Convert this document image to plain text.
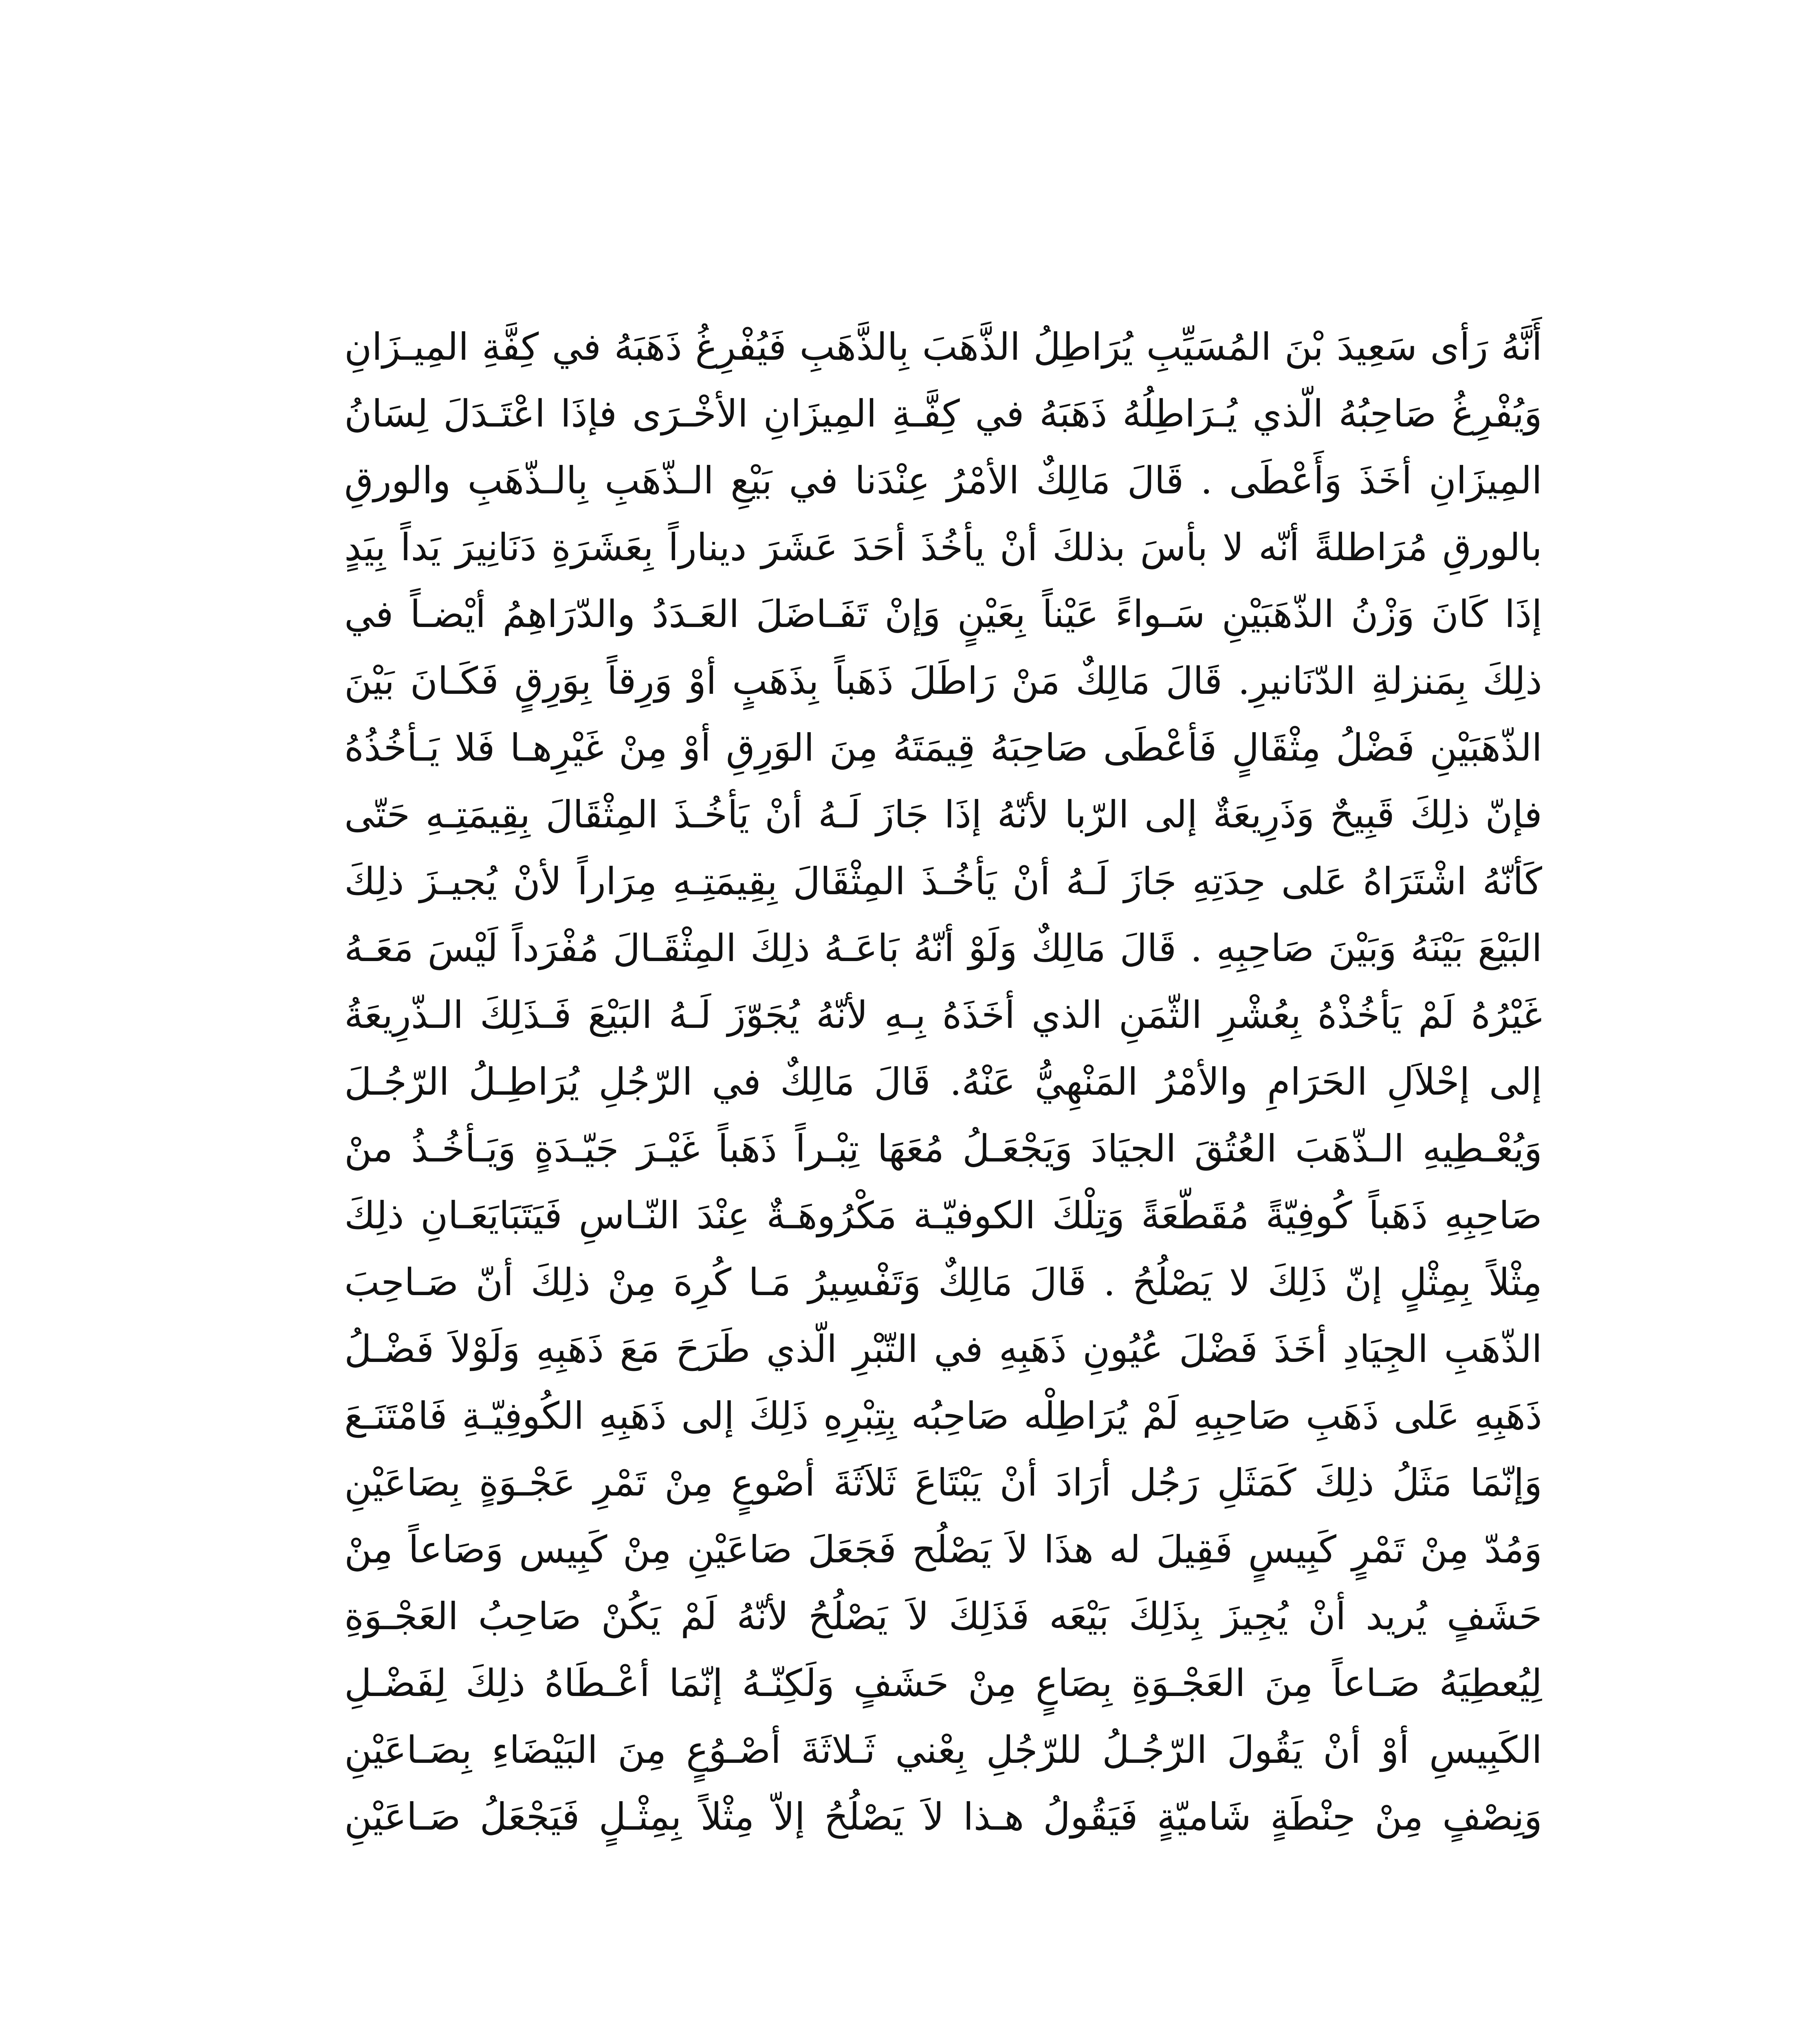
أَنَّهُ رَأى سَعِيدَ بْنَ المُسَيِّبِ يُرَاطِلُ الذَّهَبَ بِالذَّهَبِ فَيُفْرِغُ ذَهَبَهُ في كِفَّةِ المِيـزَانِ
وَيُفْرِغُ صَاحِبُهُ الّذي يُـرَاطِلُهُ ذَهَبَهُ في كِفَّـةِ المِيزَانِ الأخْـرَى فإذَا اعْتَـدَلَ لِسَانُ
المِيزَانِ أخَذَ وَأَعْطَى . قَالَ مَالِكٌ الأمْرُ عِنْدَنا في بَيْعِ الـذّهَبِ بِالـذّهَبِ والورقِ
بالورقِ مُرَاطلةً أنّه لا بأسَ بذلكَ أنْ يأخُذَ أحَدَ عَشَرَ ديناراً بِعَشَرَةِ دَنَانِيرَ يَداً بِيَدٍ
إذَا كَانَ وَزْنُ الذّهَبَيْنِ سَـواءً عَيْناً بِعَيْنٍ وَإنْ تَفَـاضَلَ العَـدَدُ والدّرَاهِمُ أيْضـاً في
ذلِكَ بِمَنزلةِ الدّنَانيرِ. قَالَ مَالِكٌ مَنْ رَاطَلَ ذَهَباً بِذَهَبٍ أوْ وَرِقاً بِوَرِقٍ فَكَـانَ بَيْنَ
الذّهَبَيْنِ فَضْلُ مِثْقَالٍ فَأعْطَى صَاحِبَهُ قِيمَتَهُ مِنَ الوَرِقِ أوْ مِنْ غَيْرِهـا فَلا يَـأخُذُهُ
فإنّ ذلِكَ قَبِيحٌ وَذَرِيعَةٌ إلى الرّبا لأنّهُ إذَا جَازَ لَـهُ أنْ يَأخُـذَ المِثْقَالَ بِقِيمَتِـهِ حَتّى
كَأنّهُ اشْتَرَاهُ عَلى حِدَتِهِ جَازَ لَـهُ أنْ يَأخُـذَ المِثْقَالَ بِقِيمَتِـهِ مِرَاراً لأنْ يُجيـزَ ذلِكَ
البَيْعَ بَيْنَهُ وَبَيْنَ صَاحِبِهِ . قَالَ مَالِكٌ وَلَوْ أنّهُ بَاعَـهُ ذلِكَ المِثْقَـالَ مُفْرَداً لَيْسَ مَعَـهُ
غَيْرُهُ لَمْ يَأخُذْهُ بِعُشْرِ الثّمَنِ الذي أخَذَهُ بِـهِ لأنّهُ يُجَوّزَ لَـهُ البَيْعَ فَـذَلِكَ الـذّرِيعَةُ
إلى إحْلاَلِ الحَرَامِ والأمْرُ المَنْهِيُّ عَنْهُ. قَالَ مَالِكٌ في الرّجُلِ يُرَاطِـلُ الرّجُـلَ
وَيُعْـطِيهِ الـذّهَبَ العُتُقَ الجيَادَ وَيَجْعَـلُ مُعَهَا تِبْـراً ذَهَباً غَيْـرَ جَيّـدَةٍ وَيَـأخُـذُ منْ
صَاحِبِهِ ذَهَباً كُوفِيّةً مُقَطّعَةً وَتِلْكَ الكوفيّـة مَكْرُوهَـةٌ عِنْدَ النّـاسِ فَيَتَبَايَعَـانِ ذلِكَ
مِثْلاً بِمِثْلٍ إنّ ذَلِكَ لا يَصْلُحُ . قَالَ مَالِكٌ وَتَفْسِيرُ مَـا كُرِهَ مِنْ ذلِكَ أنّ صَـاحِبَ
الذّهَبِ الجِيَادِ أخَذَ فَضْلَ عُيُونِ ذَهَبِهِ في التّبْرِ الّذي طَرَحَ مَعَ ذَهَبِهِ وَلَوْلاَ فَضْـلُ
ذَهَبِهِ عَلى ذَهَبِ صَاحِبِهِ لَمْ يُرَاطِلْه صَاحِبُه بِتِبْرِهِ ذَلِكَ إلى ذَهَبِهِ الكُوفِيّـةِ فَامْتَنَـعَ
وَإنّمَا مَثَلُ ذلِكَ كَمَثَلِ رَجُل أرَادَ أنْ يَبْتَاعَ ثَلاَثَةَ أصْوعٍ مِنْ تَمْرِ عَجْـوَةٍ بِصَاعَيْنِ
وَمُدّ مِنْ تَمْرٍ كَبِيسٍ فَقِيلَ له هذَا لاَ يَصْلُح فَجَعَلَ صَاعَيْنِ مِنْ كَبِيس وَصَاعاً مِنْ
حَشَفٍ يُريد أنْ يُجِيزَ بِذَلِكَ بَيْعَه فَذَلِكَ لاَ يَصْلُحُ لأنّهُ لَمْ يَكُنْ صَاحِبُ العَجْـوَةِ
لِيُعطِيَهُ صَـاعاً مِنَ العَجْـوَةِ بِصَاعٍ مِنْ حَشَفٍ وَلَكِنّـهُ إنّمَا أعْـطَاهُ ذلِكَ لِفَضْـلِ
الكَبِيسِ أوْ أنْ يَقُولَ الرّجُـلُ للرّجُلِ بِعْني ثَـلاثَةَ أصْـوُعٍ مِنَ البَيْضَاءِ بِصَـاعَيْنِ
وَنِصْفٍ مِنْ حِنْطَةٍ شَاميّةٍ فَيَقُولُ هـذا لاَ يَصْلُحُ إلاّ مِثْلاً بِمِثْـلٍ فَيَجْعَلُ صَـاعَيْنِ
